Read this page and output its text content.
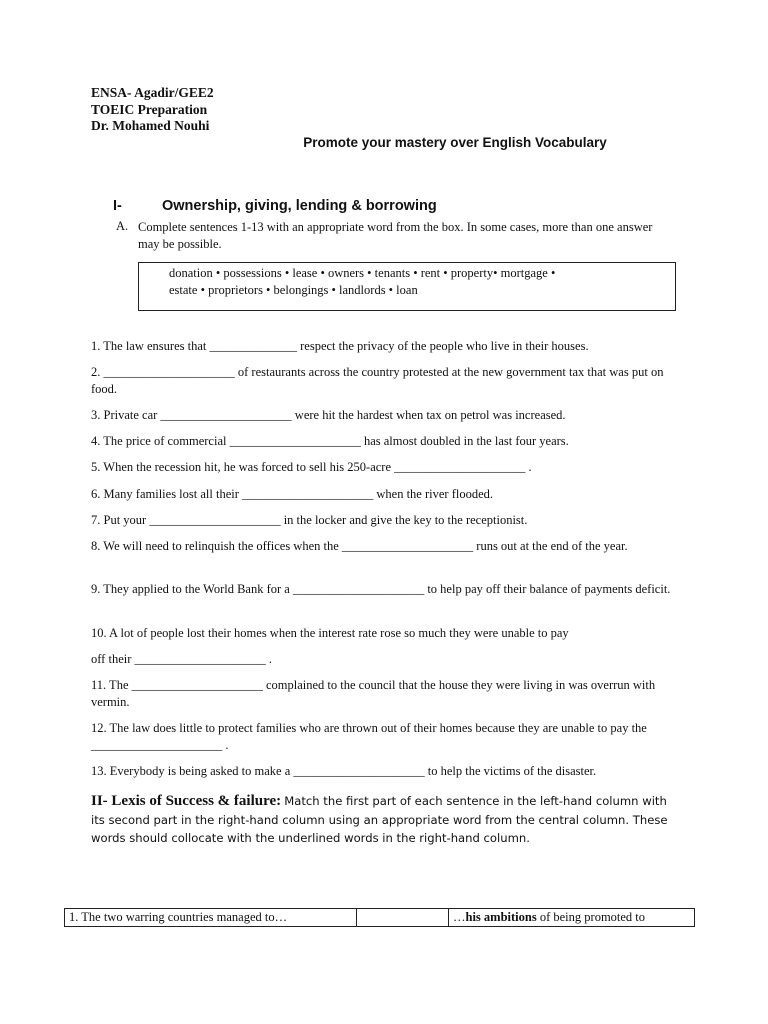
ENSA- Agadir/GEE2
TOEIC Preparation
Dr. Mohamed Nouhi
Promote your mastery over English Vocabulary
I-	Ownership, giving, lending & borrowing
A. Complete sentences 1-13 with an appropriate word from the box. In some cases, more than one answer may be possible.
donation • possessions • lease • owners • tenants • rent • property• mortgage •
estate • proprietors • belongings • landlords • loan
1. The law ensures that ______________ respect the privacy of the people who live in their houses.
2. _____________________ of restaurants across the country protested at the new government tax that was put on food.
3. Private car _____________________ were hit the hardest when tax on petrol was increased.
4. The price of commercial _____________________ has almost doubled in the last four years.
5. When the recession hit, he was forced to sell his 250-acre _____________________ .
6. Many families lost all their _____________________ when the river flooded.
7. Put your _____________________ in the locker and give the key to the receptionist.
8. We will need to relinquish the offices when the _____________________ runs out at the end of the year.
9. They applied to the World Bank for a _____________________ to help pay off their balance of payments deficit.
10. A lot of people lost their homes when the interest rate rose so much they were unable to pay
off their _____________________ .
11. The _____________________ complained to the council that the house they were living in was overrun with vermin.
12. The law does little to protect families who are thrown out of their homes because they are unable to pay the _____________________ .
13. Everybody is being asked to make a _____________________ to help the victims of the disaster.
II- Lexis of Success & failure: Match the first part of each sentence in the left-hand column with its second part in the right-hand column using an appropriate word from the central column. These words should collocate with the underlined words in the right-hand column.
1. The two warring countries managed to…		…his ambitions of being promoted to
